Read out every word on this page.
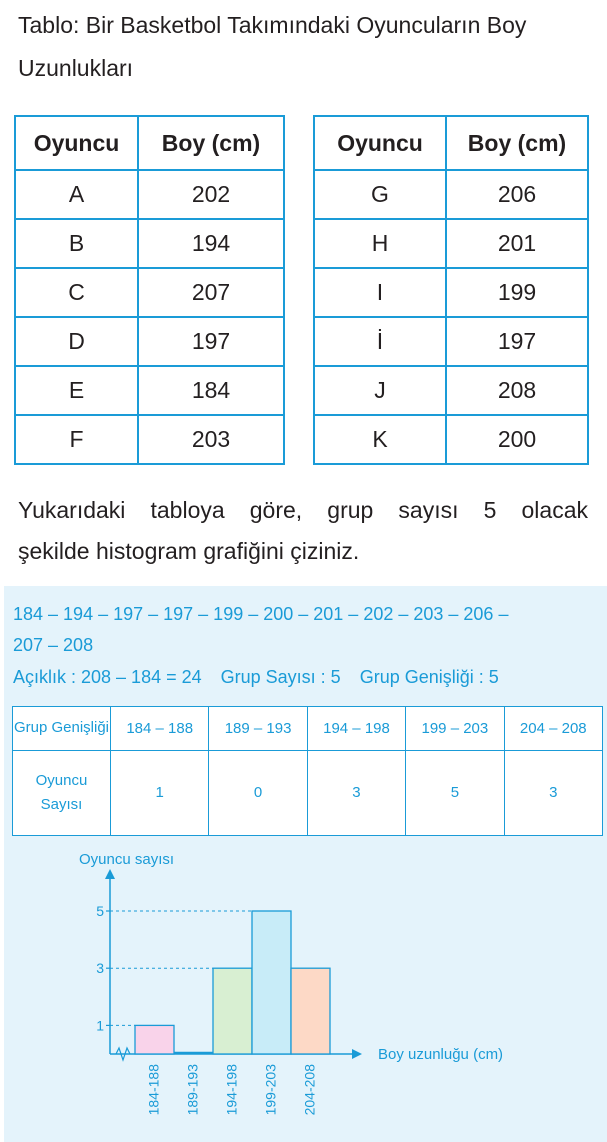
Tablo: Bir Basketbol Takımındaki Oyuncuların Boy Uzunlukları
Oyuncu	Boy (cm)
A	202
B	194
C	207
D	197
E	184
F	203
Oyuncu	Boy (cm)
G	206
H	201
I	199
İ	197
J	208
K	200
Yukarıdaki tabloya göre, grup sayısı 5 olacak
şekilde histogram grafiğini çiziniz.
184 – 194 – 197 – 197 – 199 – 200 – 201 – 202 – 203 – 206 –
207 – 208
Açıklık : 208 – 184 = 24 Grup Sayısı : 5 Grup Genişliği : 5
Grup Genişliği	184 – 188	189 – 193	194 – 198	199 – 203	204 – 208
Oyuncu Sayısı	1	0	3	5	3
Oyuncu sayısı
Boy uzunluğu (cm)
1
3
5
184-188 189-193 194-198 199-203 204-208
